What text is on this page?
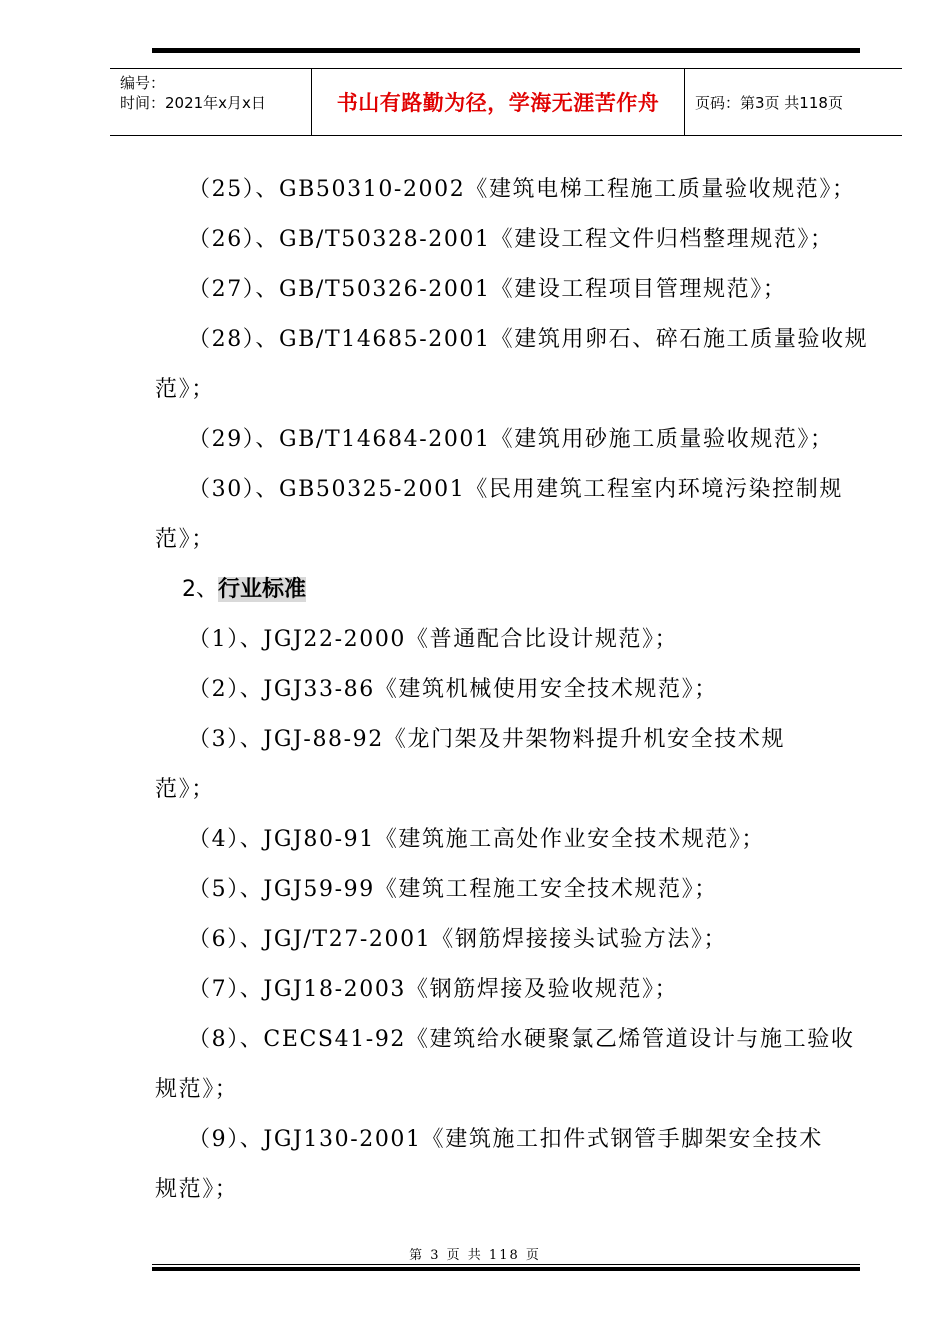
编号：
时间：2021年x月x日	书山有路勤为径，学海无涯苦作舟 页码：第3页 共118页
（25）、GB50310-2002《建筑电梯工程施工质量验收规范》；
（26）、GB/T50328-2001《建设工程文件归档整理规范》；
（27）、GB/T50326-2001《建设工程项目管理规范》；
（28）、GB/T14685-2001《建筑用卵石、碎石施工质量验收规
范》；
（29）、GB/T14684-2001《建筑用砂施工质量验收规范》；
（30）、GB50325-2001《民用建筑工程室内环境污染控制规
范》；
2、行业标准
（1）、JGJ22-2000《普通配合比设计规范》；
（2）、JGJ33-86《建筑机械使用安全技术规范》；
（3）、JGJ-88-92《龙门架及井架物料提升机安全技术规
范》；
（4）、JGJ80-91《建筑施工高处作业安全技术规范》；
（5）、JGJ59-99《建筑工程施工安全技术规范》；
（6）、JGJ/T27-2001《钢筋焊接接头试验方法》；
（7）、JGJ18-2003《钢筋焊接及验收规范》；
（8）、CECS41-92《建筑给水硬聚氯乙烯管道设计与施工验收
规范》；
（9）、JGJ130-2001《建筑施工扣件式钢管手脚架安全技术
规范》；
第 3 页 共 118 页
